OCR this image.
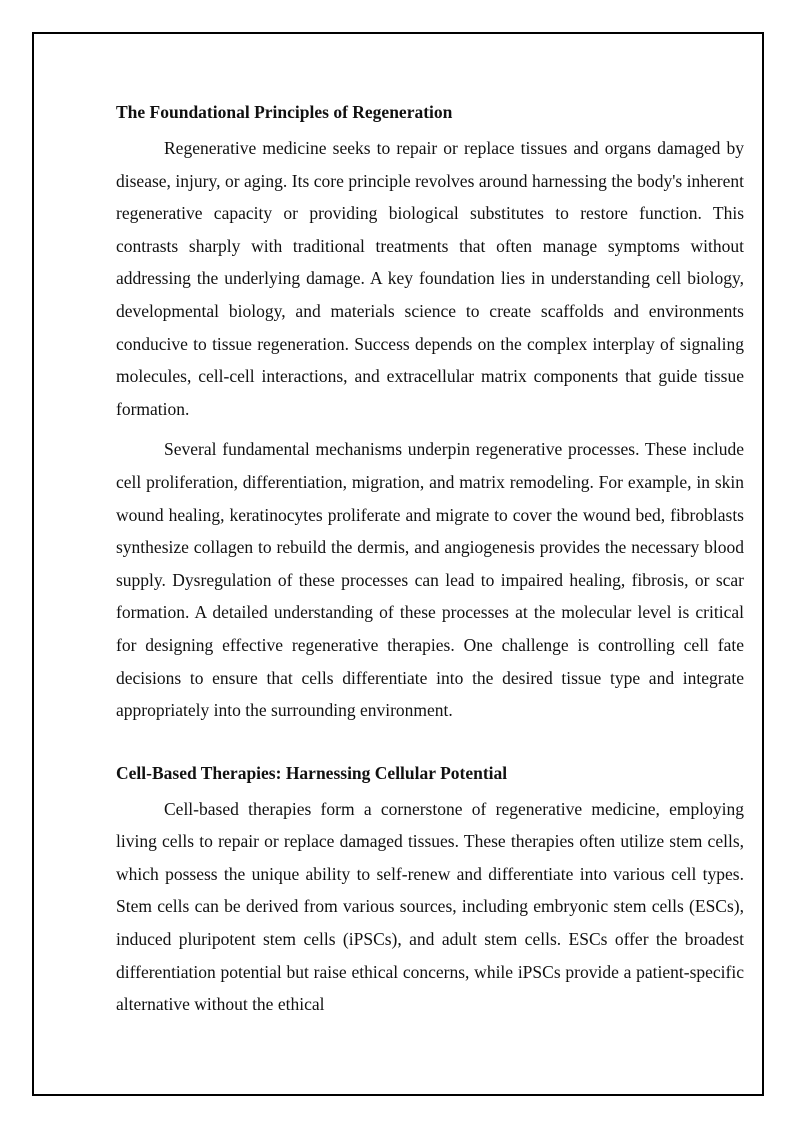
The Foundational Principles of Regeneration

Regenerative medicine seeks to repair or replace tissues and organs damaged by disease, injury, or aging. Its core principle revolves around harnessing the body's inherent regenerative capacity or providing biological substitutes to restore function. This contrasts sharply with traditional treatments that often manage symptoms without addressing the underlying damage. A key foundation lies in understanding cell biology, developmental biology, and materials science to create scaffolds and environments conducive to tissue regeneration. Success depends on the complex interplay of signaling molecules, cell-cell interactions, and extracellular matrix components that guide tissue formation.

Several fundamental mechanisms underpin regenerative processes. These include cell proliferation, differentiation, migration, and matrix remodeling. For example, in skin wound healing, keratinocytes proliferate and migrate to cover the wound bed, fibroblasts synthesize collagen to rebuild the dermis, and angiogenesis provides the necessary blood supply. Dysregulation of these processes can lead to impaired healing, fibrosis, or scar formation. A detailed understanding of these processes at the molecular level is critical for designing effective regenerative therapies. One challenge is controlling cell fate decisions to ensure that cells differentiate into the desired tissue type and integrate appropriately into the surrounding environment.

Cell-Based Therapies: Harnessing Cellular Potential

Cell-based therapies form a cornerstone of regenerative medicine, employing living cells to repair or replace damaged tissues. These therapies often utilize stem cells, which possess the unique ability to self-renew and differentiate into various cell types. Stem cells can be derived from various sources, including embryonic stem cells (ESCs), induced pluripotent stem cells (iPSCs), and adult stem cells. ESCs offer the broadest differentiation potential but raise ethical concerns, while iPSCs provide a patient-specific alternative without the ethical
